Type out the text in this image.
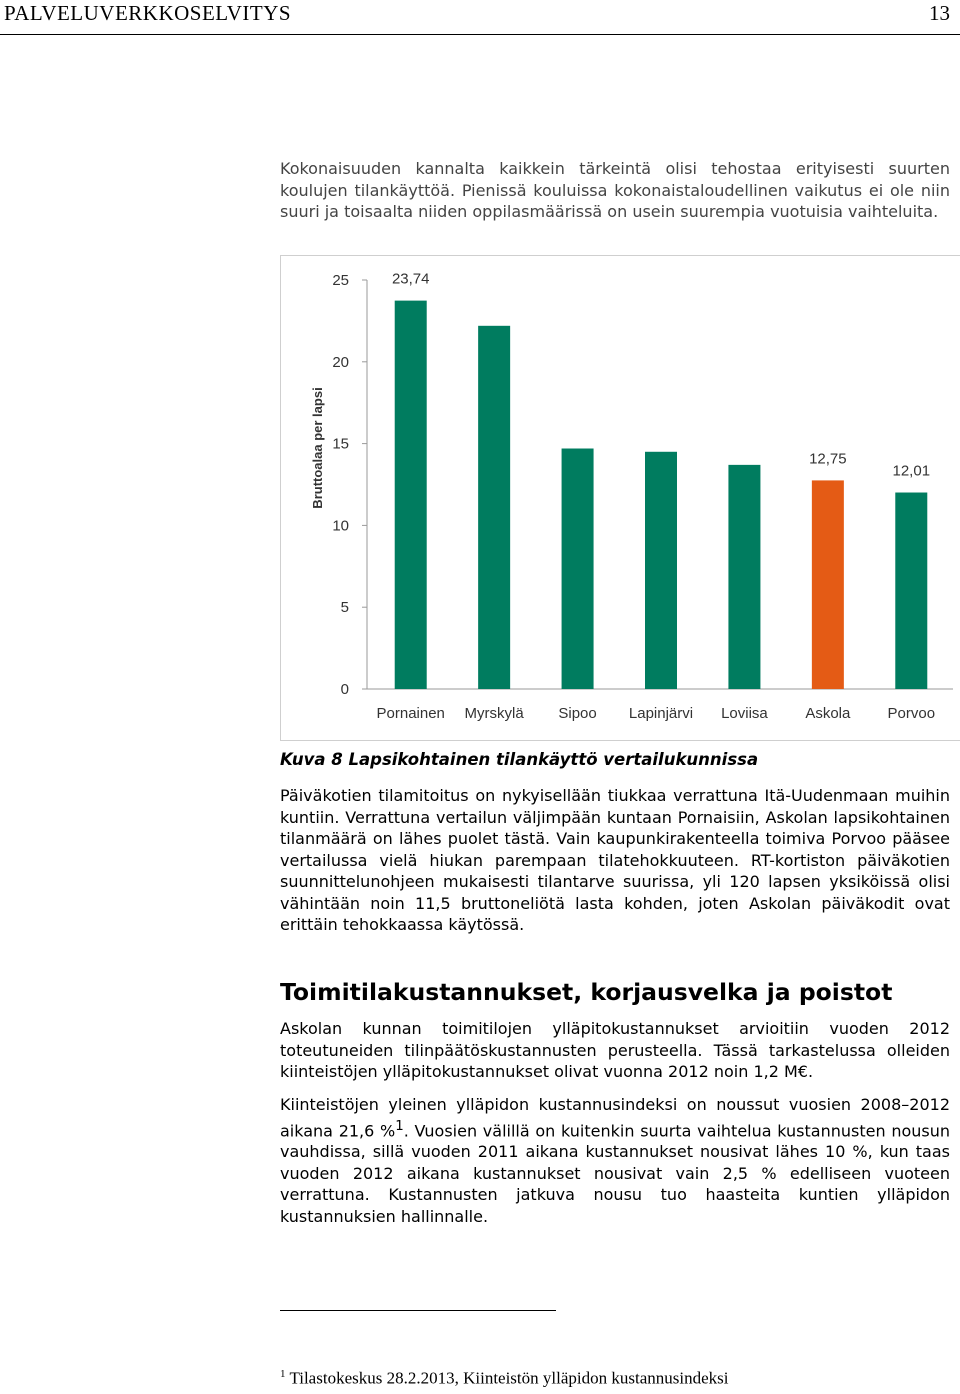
PALVELUVERKKOSELVITYS	13

Kokonaisuuden kannalta kaikkein tärkeintä olisi tehostaa erityisesti suurten koulujen tilankäyttöä. Pienissä kouluissa kokonaistaloudellinen vaikutus ei ole niin suuri ja toisaalta niiden oppilasmäärissä on usein suurempia vuotuisia vaihteluita.

Bruttoalaa per lapsi
0
5
10
15
20
25
Pornainen
23,74
Myrskylä Sipoo Lapinjärvi Loviisa	Askola
12,75
Porvoo
12,01

Kuva 8 Lapsikohtainen tilankäyttö vertailukunnissa

Päiväkotien tilamitoitus on nykyisellään tiukkaa verrattuna Itä-Uudenmaan muihin kuntiin. Verrattuna vertailun väljimpään kuntaan Pornaisiin, Askolan lapsikohtainen tilanmäärä on lähes puolet tästä. Vain kaupunkirakenteella toimiva Porvoo pääsee vertailussa vielä hiukan parempaan tilatehokkuuteen. RT-kortiston päiväkotien suunnittelunohjeen mukaisesti tilantarve suurissa, yli 120 lapsen yksiköissä olisi vähintään noin 11,5 bruttoneliötä lasta kohden, joten Askolan päiväkodit ovat erittäin tehokkaassa käytössä.

Toimitilakustannukset, korjausvelka ja poistot

Askolan kunnan toimitilojen ylläpitokustannukset arvioitiin vuoden 2012 toteutuneiden tilinpäätöskustannusten perusteella. Tässä tarkastelussa olleiden kiinteistöjen ylläpitokustannukset olivat vuonna 2012 noin 1,2 M€.

Kiinteistöjen yleinen ylläpidon kustannusindeksi on noussut vuosien 2008–2012 aikana 21,6 %$^1$. Vuosien välillä on kuitenkin suurta vaihtelua kustannusten nousun vauhdissa, sillä vuoden 2011 aikana kustannukset nousivat lähes 10 %, kun taas vuoden 2012 aikana kustannukset nousivat vain 2,5 % edelliseen vuoteen verrattuna. Kustannusten jatkuva nousu tuo haasteita kuntien ylläpidon kustannuksien hallinnalle.

$^1$ Tilastokeskus 28.2.2013, Kiinteistön ylläpidon kustannusindeksi
